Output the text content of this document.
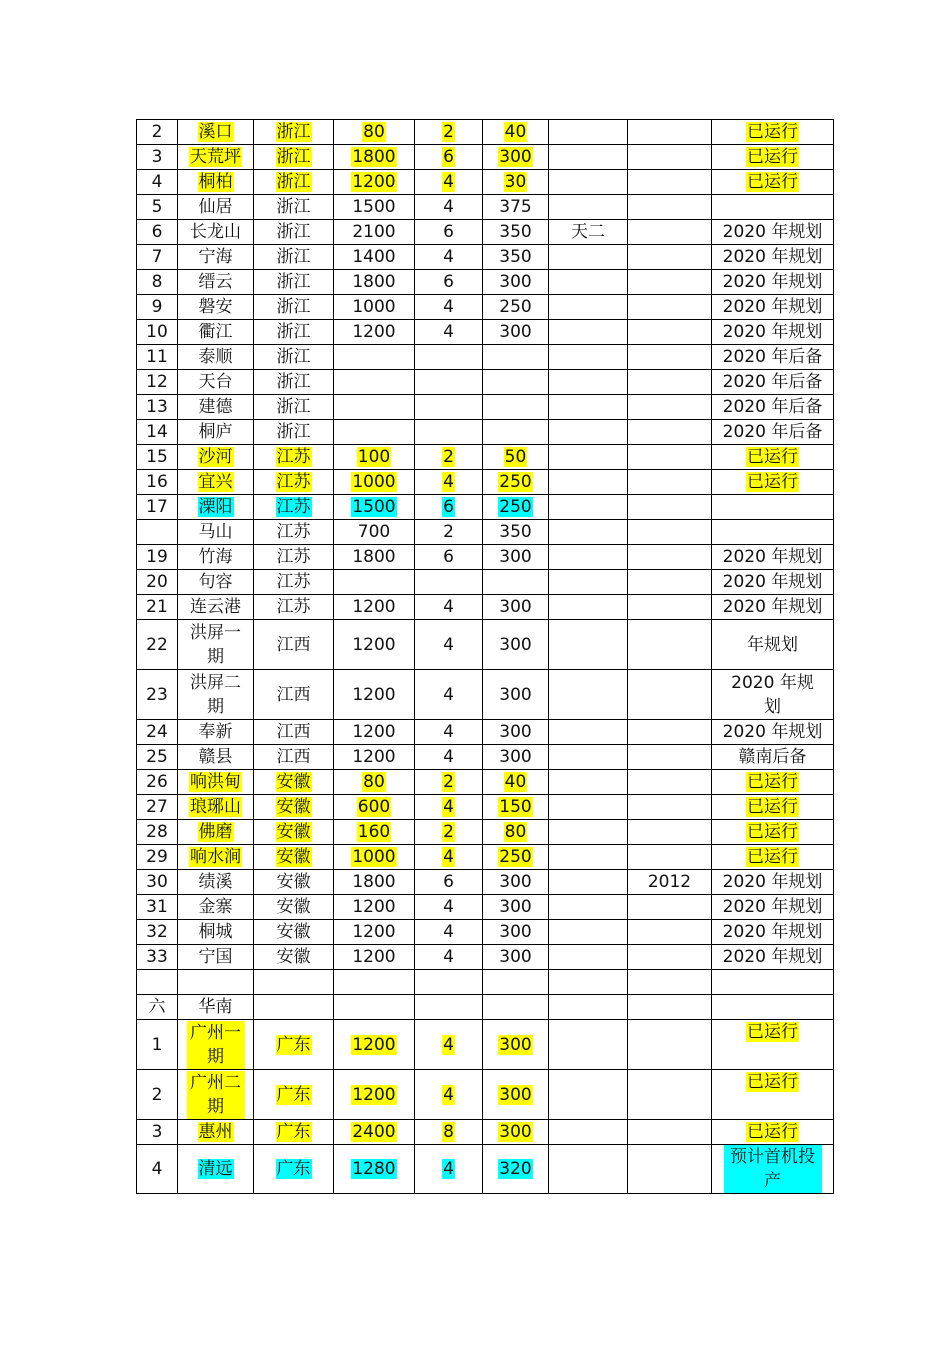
2	溪口	浙江	80	2	40			已运行
3	天荒坪	浙江	1800	6	300			已运行
4	桐柏	浙江	1200	4	30			已运行
5	仙居	浙江	1500	4	375			
6	长龙山	浙江	2100	6	350	天二		2020 年规划
7	宁海	浙江	1400	4	350			2020 年规划
8	缙云	浙江	1800	6	300			2020 年规划
9	磐安	浙江	1000	4	250			2020 年规划
10	衢江	浙江	1200	4	300			2020 年规划
11	泰顺	浙江						2020 年后备
12	天台	浙江						2020 年后备
13	建德	浙江						2020 年后备
14	桐庐	浙江						2020 年后备
15	沙河	江苏	100	2	50			已运行
16	宜兴	江苏	1000	4	250			已运行
17	溧阳	江苏	1500	6	250			
	马山	江苏	700	2	350			
19	竹海	江苏	1800	6	300			2020 年规划
20	句容	江苏						2020 年规划
21	连云港	江苏	1200	4	300			2020 年规划
22	洪屏一期	江西	1200	4	300			年规划
23	洪屏二期	江西	1200	4	300			2020 年规划
24	奉新	江西	1200	4	300			2020 年规划
25	赣县	江西	1200	4	300			赣南后备
26	响洪甸	安徽	80	2	40			已运行
27	琅琊山	安徽	600	4	150			已运行
28	佛磨	安徽	160	2	80			已运行
29	响水涧	安徽	1000	4	250			已运行
30	绩溪	安徽	1800	6	300		2012	2020 年规划
31	金寨	安徽	1200	4	300			2020 年规划
32	桐城	安徽	1200	4	300			2020 年规划
33	宁国	安徽	1200	4	300			2020 年规划

六	华南							
1	广州一期	广东	1200	4	300			已运行
2	广州二期	广东	1200	4	300			已运行
3	惠州	广东	2400	8	300			已运行
4	清远	广东	1280	4	320			预计首机投产
